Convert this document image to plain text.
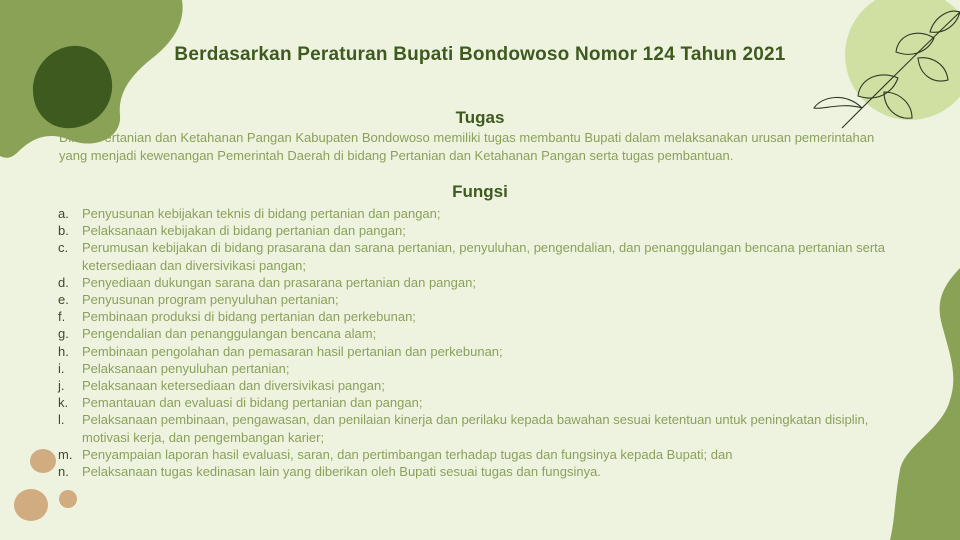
Berdasarkan Peraturan Bupati Bondowoso Nomor 124 Tahun 2021
Tugas
Dinas Pertanian dan Ketahanan Pangan Kabupaten Bondowoso memiliki tugas membantu Bupati dalam melaksanakan urusan pemerintahan yang menjadi kewenangan Pemerintah Daerah di bidang Pertanian dan Ketahanan Pangan serta tugas pembantuan.
Fungsi
a.	Penyusunan kebijakan teknis di bidang pertanian dan pangan;
b.	Pelaksanaan kebijakan di bidang pertanian dan pangan;
c.	Perumusan kebijakan di bidang prasarana dan sarana pertanian, penyuluhan, pengendalian, dan penanggulangan bencana pertanian serta ketersediaan dan diversivikasi pangan;
d.	Penyediaan dukungan sarana dan prasarana pertanian dan pangan;
e.	Penyusunan program penyuluhan pertanian;
f.	Pembinaan produksi di bidang pertanian dan perkebunan;
g.	Pengendalian dan penanggulangan bencana alam;
h.	Pembinaan pengolahan dan pemasaran hasil pertanian dan perkebunan;
i.	Pelaksanaan penyuluhan pertanian;
j.	Pelaksanaan ketersediaan dan diversivikasi pangan;
k.	Pemantauan dan evaluasi di bidang pertanian dan pangan;
l.	Pelaksanaan pembinaan, pengawasan, dan penilaian kinerja dan perilaku kepada bawahan sesuai ketentuan untuk peningkatan disiplin, motivasi kerja, dan pengembangan karier;
m. Penyampaian laporan hasil evaluasi, saran, dan pertimbangan terhadap tugas dan fungsinya kepada Bupati; dan
n.	Pelaksanaan tugas kedinasan lain yang diberikan oleh Bupati sesuai tugas dan fungsinya.
